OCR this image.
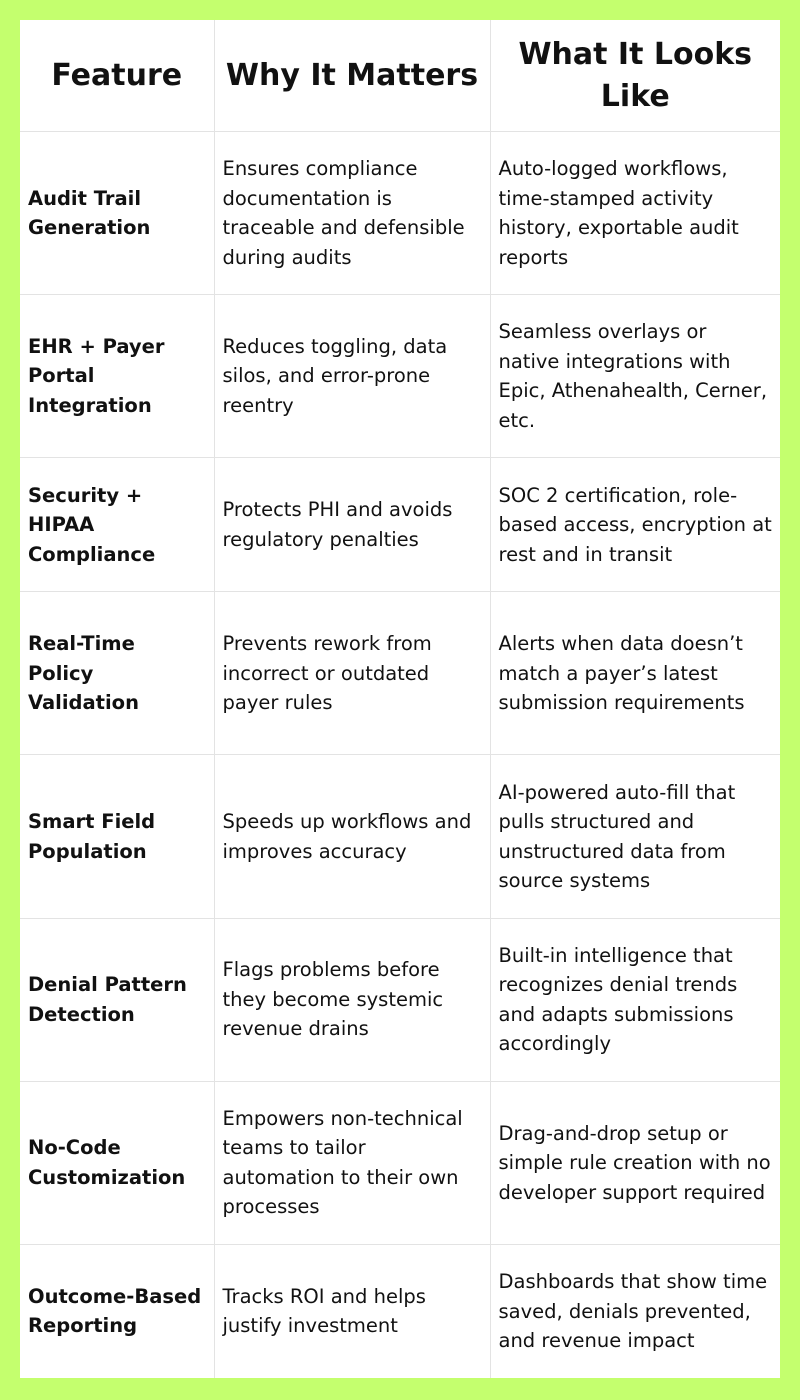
Feature	Why It Matters	What It Looks Like
Audit Trail Generation	Ensures compliance documentation is traceable and defensible during audits	Auto-logged workflows, time-stamped activity history, exportable audit reports
EHR + Payer Portal Integration	Reduces toggling, data silos, and error-prone reentry	Seamless overlays or native integrations with Epic, Athenahealth, Cerner, etc.
Security + HIPAA Compliance	Protects PHI and avoids regulatory penalties	SOC 2 certification, role-based access, encryption at rest and in transit
Real-Time Policy Validation	Prevents rework from incorrect or outdated payer rules	Alerts when data doesn’t match a payer’s latest submission requirements
Smart Field Population	Speeds up workflows and improves accuracy	AI-powered auto-fill that pulls structured and unstructured data from source systems
Denial Pattern Detection	Flags problems before they become systemic revenue drains	Built-in intelligence that recognizes denial trends and adapts submissions accordingly
No-Code Customization	Empowers non-technical teams to tailor automation to their own processes	Drag-and-drop setup or simple rule creation with no developer support required
Outcome-Based Reporting	Tracks ROI and helps justify investment	Dashboards that show time saved, denials prevented, and revenue impact
